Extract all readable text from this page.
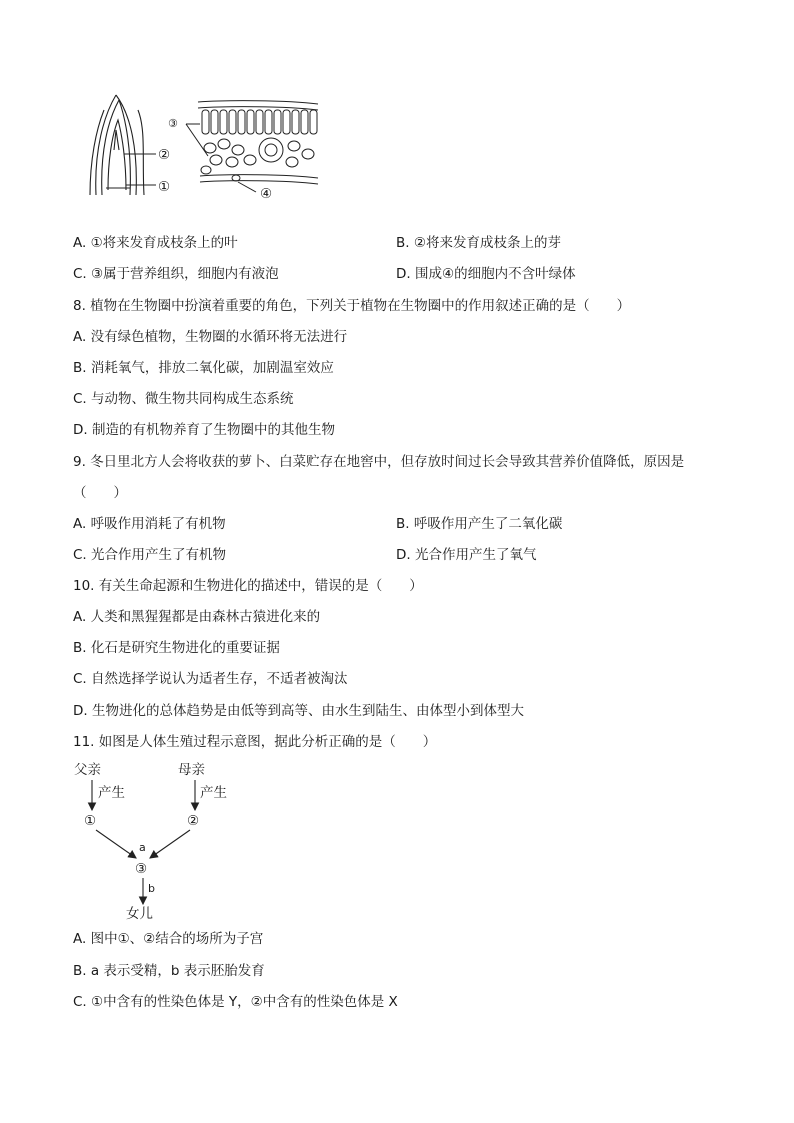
②
①
③
④
A. ①将来发育成枝条上的叶	B. ②将来发育成枝条上的芽
C. ③属于营养组织，细胞内有液泡	D. 围成④的细胞内不含叶绿体
8. 植物在生物圈中扮演着重要的角色，下列关于植物在生物圈中的作用叙述正确的是（　　）
A. 没有绿色植物，生物圈的水循环将无法进行
B. 消耗氧气，排放二氧化碳，加剧温室效应
C. 与动物、微生物共同构成生态系统
D. 制造的有机物养育了生物圈中的其他生物
9. 冬日里北方人会将收获的萝卜、白菜贮存在地窖中，但存放时间过长会导致其营养价值降低，原因是
（　　）
A. 呼吸作用消耗了有机物	B. 呼吸作用产生了二氧化碳
C. 光合作用产生了有机物	D. 光合作用产生了氧气
10. 有关生命起源和生物进化的描述中，错误的是（　　）
A. 人类和黑猩猩都是由森林古猿进化来的
B. 化石是研究生物进化的重要证据
C. 自然选择学说认为适者生存，不适者被淘汰
D. 生物进化的总体趋势是由低等到高等、由水生到陆生、由体型小到体型大
11. 如图是人体生殖过程示意图，据此分析正确的是（　　）
父亲	母亲
产生	产生
①	②
a
③
b
女儿
A. 图中①、②结合的场所为子宫
B. a 表示受精，b 表示胚胎发育
C. ①中含有的性染色体是 Y，②中含有的性染色体是 X
